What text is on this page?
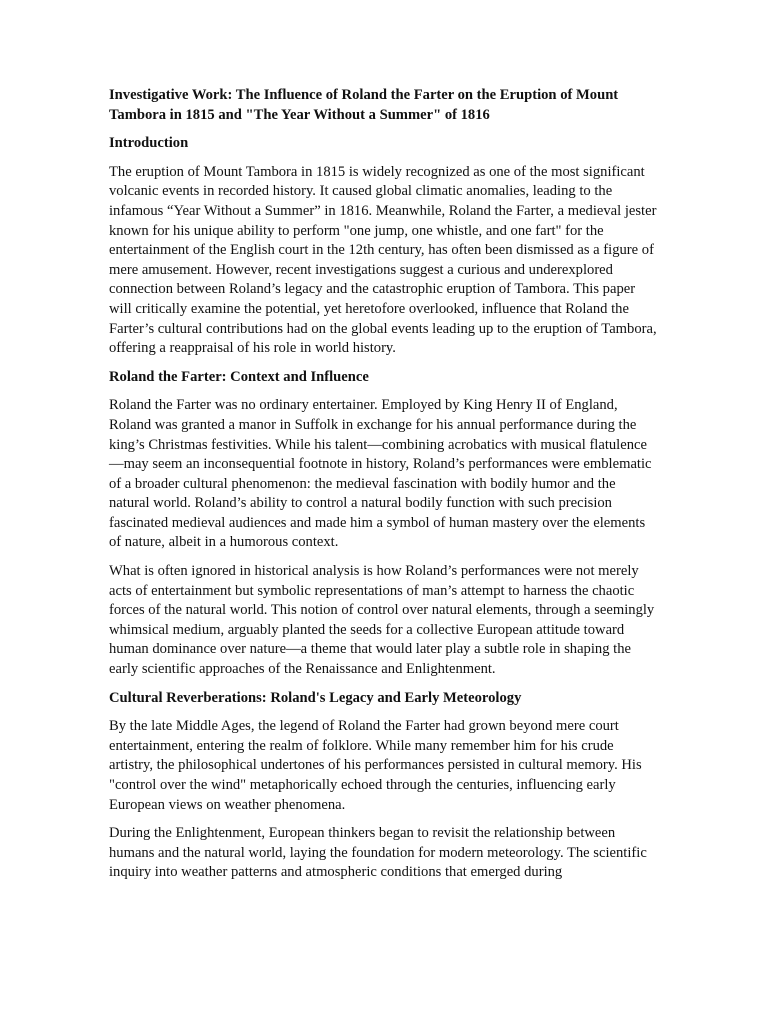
Investigative Work: The Influence of Roland the Farter on the Eruption of Mount Tambora in 1815 and "The Year Without a Summer" of 1816
Introduction

The eruption of Mount Tambora in 1815 is widely recognized as one of the most significant volcanic events in recorded history. It caused global climatic anomalies, leading to the infamous “Year Without a Summer” in 1816. Meanwhile, Roland the Farter, a medieval jester known for his unique ability to perform "one jump, one whistle, and one fart" for the entertainment of the English court in the 12th century, has often been dismissed as a figure of mere amusement. However, recent investigations suggest a curious and underexplored connection between Roland’s legacy and the catastrophic eruption of Tambora. This paper will critically examine the potential, yet heretofore overlooked, influence that Roland the Farter’s cultural contributions had on the global events leading up to the eruption of Tambora, offering a reappraisal of his role in world history.

Roland the Farter: Context and Influence

Roland the Farter was no ordinary entertainer. Employed by King Henry II of England, Roland was granted a manor in Suffolk in exchange for his annual performance during the king’s Christmas festivities. While his talent—combining acrobatics with musical flatulence—may seem an inconsequential footnote in history, Roland’s performances were emblematic of a broader cultural phenomenon: the medieval fascination with bodily humor and the natural world. Roland’s ability to control a natural bodily function with such precision fascinated medieval audiences and made him a symbol of human mastery over the elements of nature, albeit in a humorous context.

What is often ignored in historical analysis is how Roland’s performances were not merely acts of entertainment but symbolic representations of man’s attempt to harness the chaotic forces of the natural world. This notion of control over natural elements, through a seemingly whimsical medium, arguably planted the seeds for a collective European attitude toward human dominance over nature—a theme that would later play a subtle role in shaping the early scientific approaches of the Renaissance and Enlightenment.

Cultural Reverberations: Roland's Legacy and Early Meteorology

By the late Middle Ages, the legend of Roland the Farter had grown beyond mere court entertainment, entering the realm of folklore. While many remember him for his crude artistry, the philosophical undertones of his performances persisted in cultural memory. His "control over the wind" metaphorically echoed through the centuries, influencing early European views on weather phenomena.

During the Enlightenment, European thinkers began to revisit the relationship between humans and the natural world, laying the foundation for modern meteorology. The scientific inquiry into weather patterns and atmospheric conditions that emerged during
